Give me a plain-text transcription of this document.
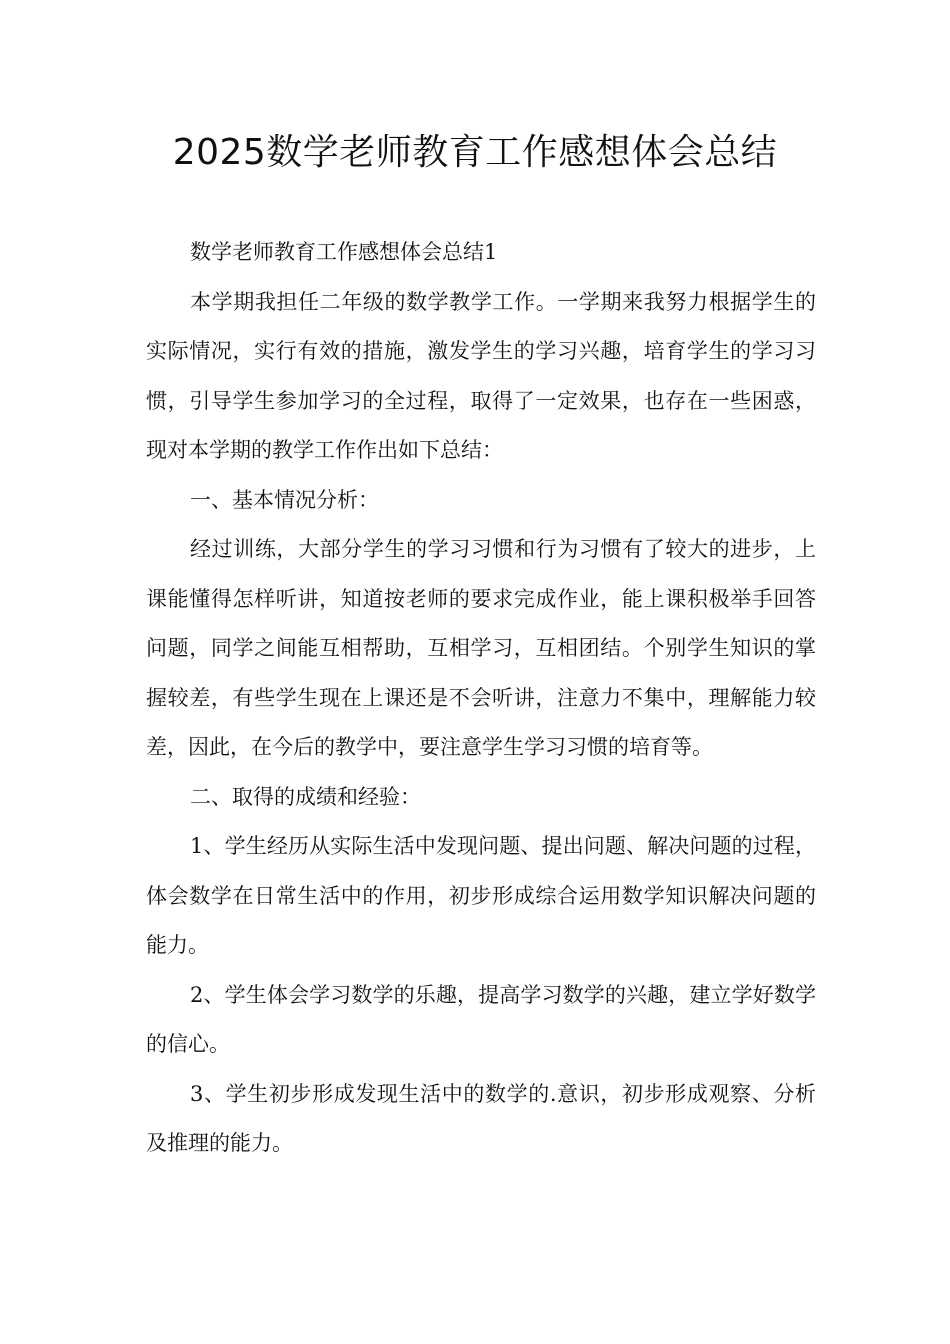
2025数学老师教育工作感想体会总结

数学老师教育工作感想体会总结1

本学期我担任二年级的数学教学工作。一学期来我努力根据学生的实际情况，实行有效的措施，激发学生的学习兴趣，培育学生的学习习惯，引导学生参加学习的全过程，取得了一定效果，也存在一些困惑，现对本学期的教学工作作出如下总结：

一、基本情况分析：

经过训练，大部分学生的学习习惯和行为习惯有了较大的进步，上课能懂得怎样听讲，知道按老师的要求完成作业，能上课积极举手回答问题，同学之间能互相帮助，互相学习，互相团结。个别学生知识的掌握较差，有些学生现在上课还是不会听讲，注意力不集中，理解能力较差，因此，在今后的教学中，要注意学生学习习惯的培育等。

二、取得的成绩和经验：

1、学生经历从实际生活中发现问题、提出问题、解决问题的过程，体会数学在日常生活中的作用，初步形成综合运用数学知识解决问题的能力。

2、学生体会学习数学的乐趣，提高学习数学的兴趣，建立学好数学的信心。

3、学生初步形成发现生活中的数学的.意识，初步形成观察、分析及推理的能力。
